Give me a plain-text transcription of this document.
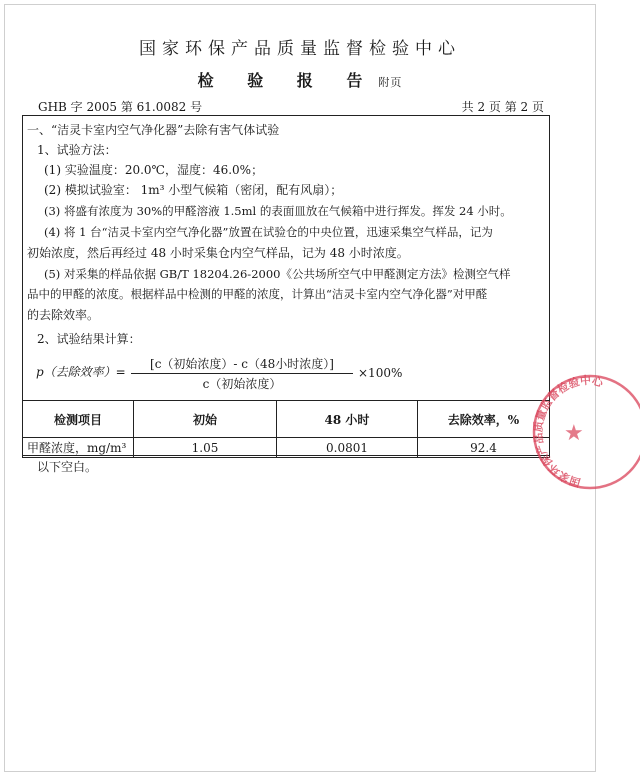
国家环保产品质量监督检验中心
检 验 报 告 附页
GHB 字 2005 第 61.0082 号	共 2 页 第 2 页
一、“洁灵卡室内空气净化器”去除有害气体试验
1、试验方法：
(1) 实验温度：20.0℃，湿度：46.0%；
(2) 模拟试验室： 1m³ 小型气候箱（密闭，配有风扇）；
(3) 将盛有浓度为 30%的甲醛溶液 1.5ml 的表面皿放在气候箱中进行挥发。挥发 24 小时。
(4) 将 1 台“洁灵卡室内空气净化器”放置在试验仓的中央位置，迅速采集空气样品，记为
初始浓度，然后再经过 48 小时采集仓内空气样品，记为 48 小时浓度。
(5) 对采集的样品依据 GB/T 18204.26-2000《公共场所空气中甲醛测定方法》检测空气样
品中的甲醛的浓度。根据样品中检测的甲醛的浓度，计算出“洁灵卡室内空气净化器”对甲醛
的去除效率。
2、试验结果计算：
p（去除效率）=
[c（初始浓度）- c（48小时浓度）]
c（初始浓度）
×100%
检测项目	初始	48 小时	去除效率，%
甲醛浓度，mg/m³	1.05	0.0801	92.4
以下空白。
国家环保产品质量监督检验中心
★
